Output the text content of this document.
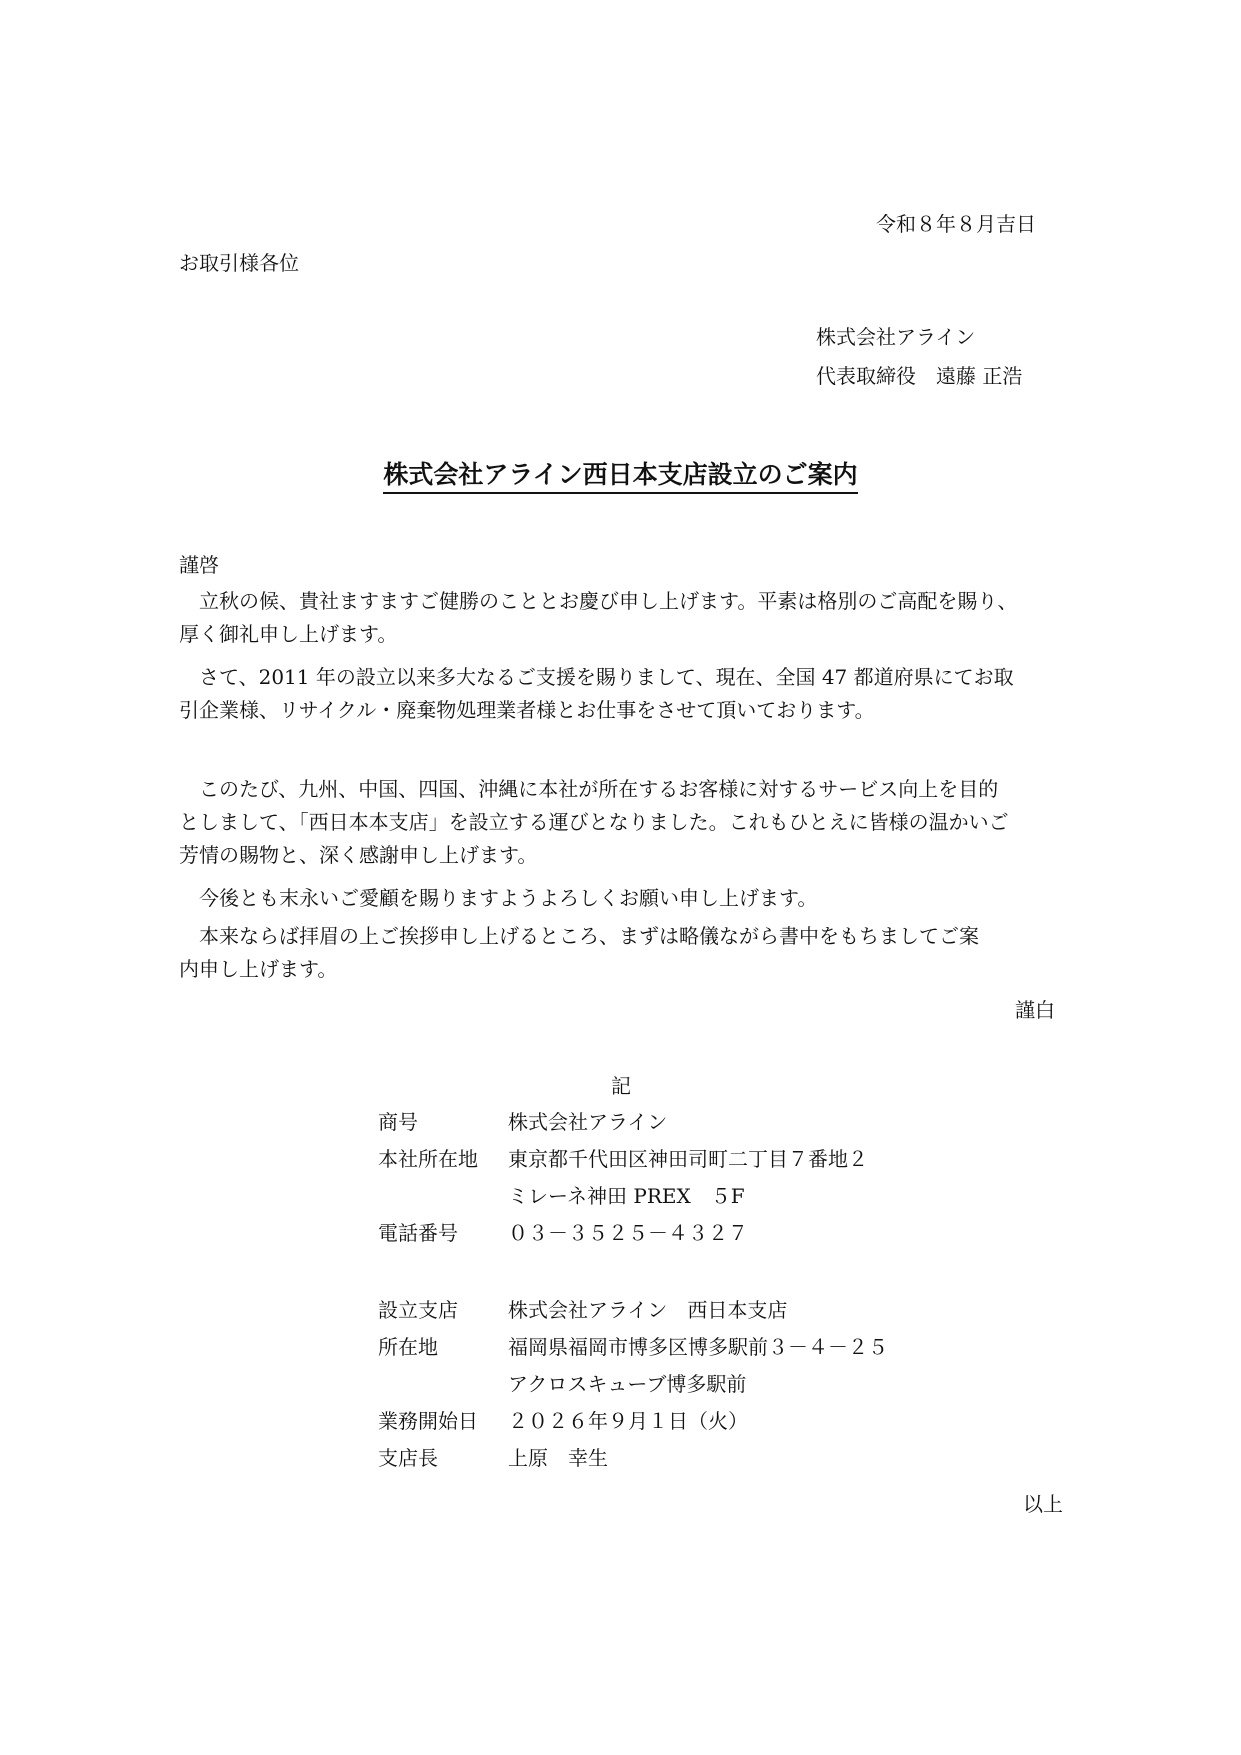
令和８年８月吉日
お取引様各位
株式会社アライン
代表取締役　遠藤 正浩
株式会社アライン西日本支店設立のご案内
謹啓
　立秋の候、貴社ますますご健勝のこととお慶び申し上げます。平素は格別のご高配を賜り、
厚く御礼申し上げます。
　さて、2011 年の設立以来多大なるご支援を賜りまして、現在、全国 47 都道府県にてお取
引企業様、リサイクル・廃棄物処理業者様とお仕事をさせて頂いております。
　このたび、九州、中国、四国、沖縄に本社が所在するお客様に対するサービス向上を目的
としまして、「西日本本支店」を設立する運びとなりました。これもひとえに皆様の温かいご
芳情の賜物と、深く感謝申し上げます。
　今後とも末永いご愛顧を賜りますようよろしくお願い申し上げます。
　本来ならば拝眉の上ご挨拶申し上げるところ、まずは略儀ながら書中をもちましてご案
内申し上げます。
謹白
記
商号	株式会社アライン
本社所在地 東京都千代田区神田司町二丁目７番地２
ミレーネ神田 PREX　５F
電話番号	０３－３５２５－４３２７
設立支店	株式会社アライン　西日本支店
所在地	福岡県福岡市博多区博多駅前３－４－２５
アクロスキューブ博多駅前
業務開始日 ２０２６年９月１日（火）
支店長	上原　幸生
以上
